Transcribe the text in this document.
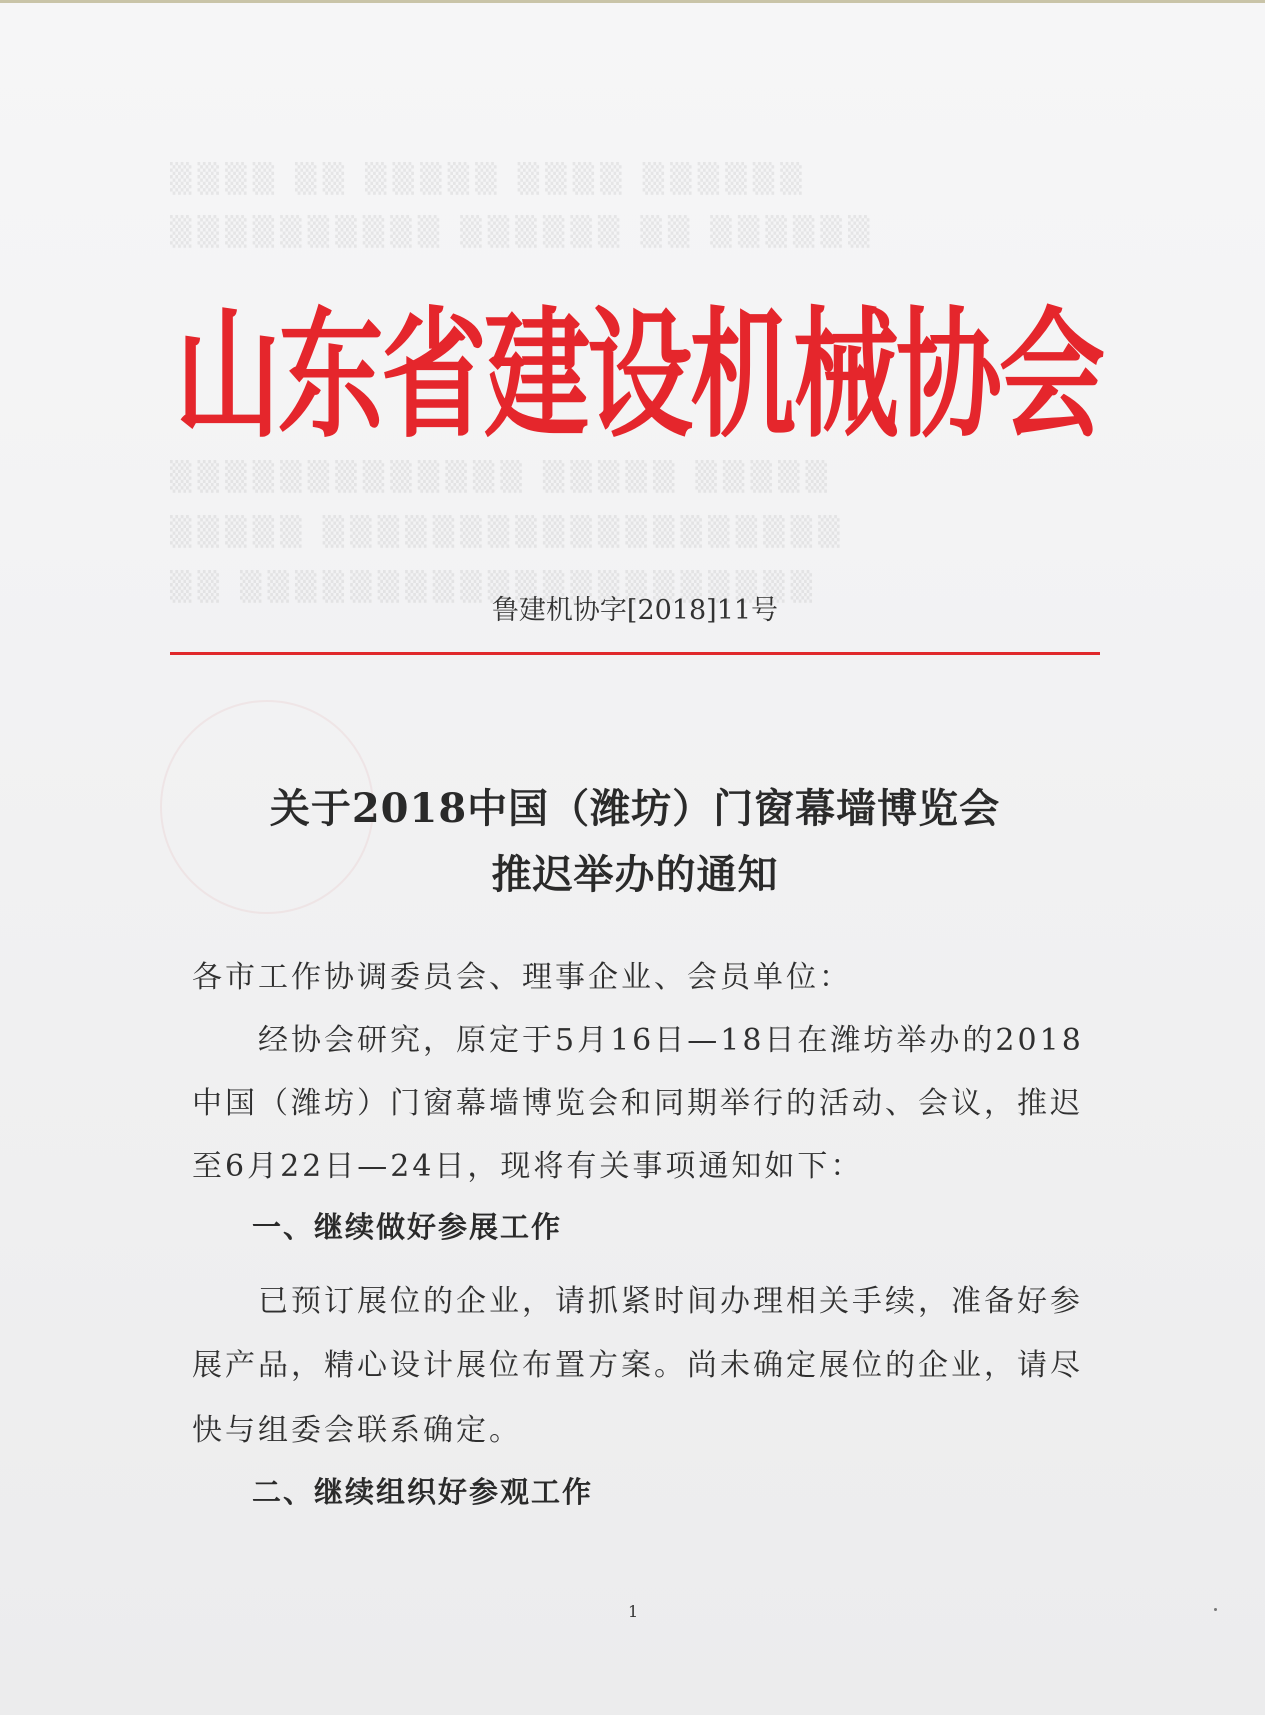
▒▒▒▒ ▒▒ ▒▒▒▒▒ ▒▒▒▒ ▒▒▒▒▒▒
▒▒▒▒▒▒▒▒▒▒ ▒▒▒▒▒▒ ▒▒ ▒▒▒▒▒▒
▒▒▒▒▒▒▒▒▒▒▒▒▒ ▒▒▒▒▒ ▒▒▒▒▒
▒▒▒▒▒ ▒▒▒▒▒▒▒▒▒▒▒▒▒▒▒▒▒▒▒
▒▒ ▒▒▒▒▒▒▒▒▒▒▒▒▒▒▒▒▒▒▒▒▒
山东省建设机械协会
鲁建机协字[2018]11号
关于2018中国（潍坊）门窗幕墙博览会
推迟举办的通知
各市工作协调委员会、理事企业、会员单位：
经协会研究，原定于5月16日—18日在潍坊举办的2018
中国（潍坊）门窗幕墙博览会和同期举行的活动、会议，推迟
至6月22日—24日，现将有关事项通知如下：
一、继续做好参展工作
已预订展位的企业，请抓紧时间办理相关手续，准备好参
展产品，精心设计展位布置方案。尚未确定展位的企业，请尽
快与组委会联系确定。
二、继续组织好参观工作
1
